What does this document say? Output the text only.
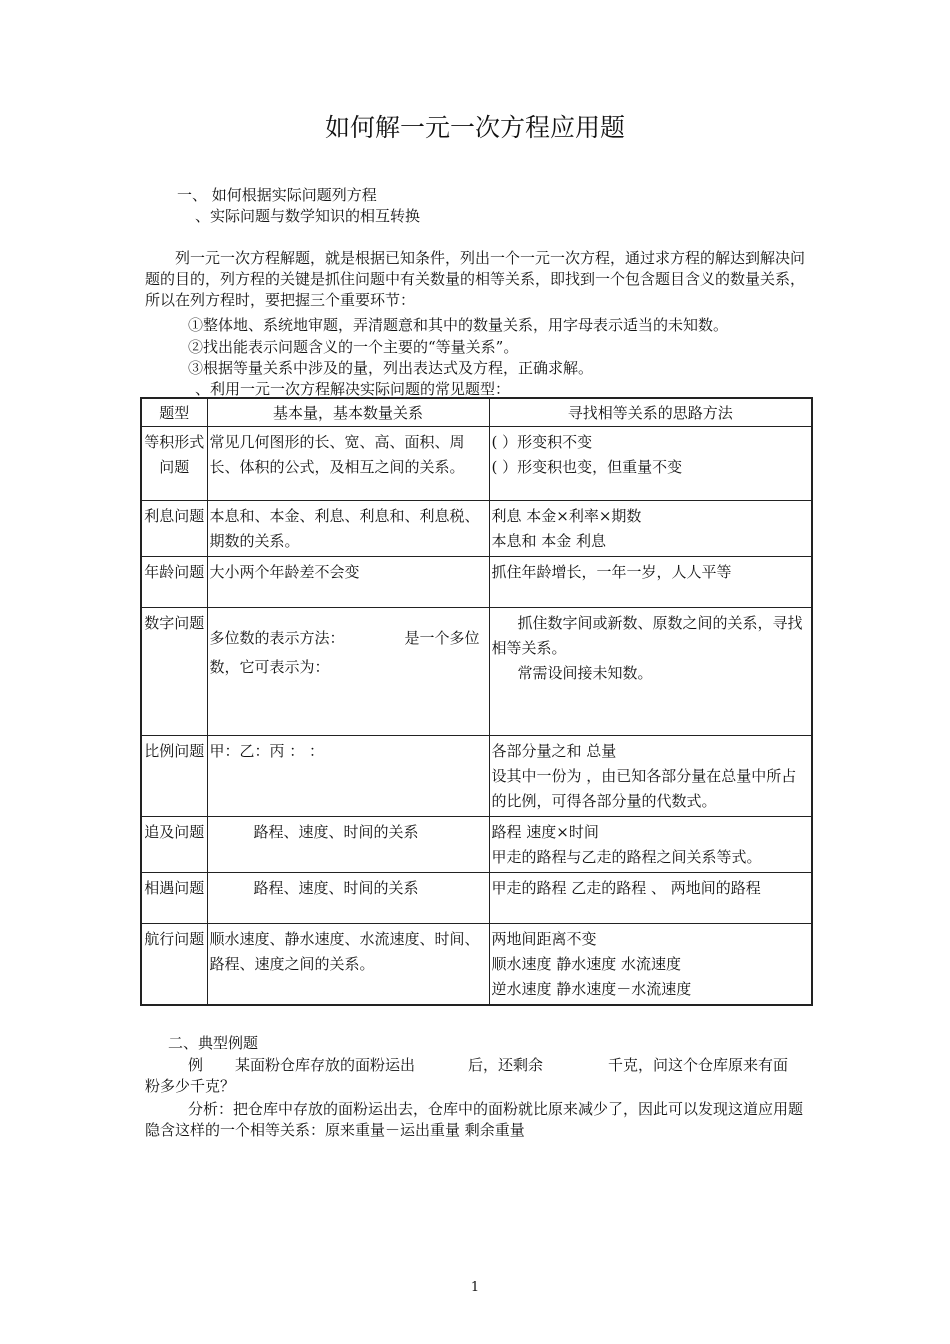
如何解一元一次方程应用题
一、 如何根据实际问题列方程
、实际问题与数学知识的相互转换
列一元一次方程解题，就是根据已知条件，列出一个一元一次方程，通过求方程的解达到解决问题的目的，列方程的关键是抓住问题中有关数量的相等关系，即找到一个包含题目含义的数量关系，所以在列方程时，要把握三个重要环节：
①整体地、系统地审题，弄清题意和其中的数量关系，用字母表示适当的未知数。
②找出能表示问题含义的一个主要的“等量关系”。
③根据等量关系中涉及的量，列出表达式及方程，正确求解。
、利用一元一次方程解决实际问题的常见题型：
题型	基本量，基本数量关系	寻找相等关系的思路方法
等积形式问题	常见几何图形的长、宽、高、面积、周长、体积的公式，及相互之间的关系。	( ）形变积不变
( ）形变积也变，但重量不变

利息问题	本息和、本金、利息、利息和、利息税、期数的关系。	利息 本金×利率×期数
本息和 本金 利息

年龄问题	大小两个年龄差不会变	抓住年龄增长，一年一岁，人人平等

数字问题	多位数的表示方法： 是一个多位
数，它可表示为：	抓住数字间或新数、原数之间的关系，寻找相等关系。
常需设间接未知数。

比例问题	甲：乙：丙 ： ：	各部分量之和 总量
设其中一份为 ，由已知各部分量在总量中所占的比例，可得各部分量的代数式。

追及问题	路程、速度、时间的关系	路程 速度×时间
甲走的路程与乙走的路程之间关系等式。

相遇问题	路程、速度、时间的关系	甲走的路程 乙走的路程 、 两地间的路程

航行问题	顺水速度、静水速度、水流速度、时间、路程、速度之间的关系。	两地间距离不变
顺水速度 静水速度 水流速度
逆水速度 静水速度－水流速度
二、典型例题
例 某面粉仓库存放的面粉运出	后，还剩余	千克，问这个仓库原来有面
粉多少千克？
分析：把仓库中存放的面粉运出去，仓库中的面粉就比原来减少了，因此可以发现这道应用题隐含这样的一个相等关系：原来重量－运出重量 剩余重量
1
